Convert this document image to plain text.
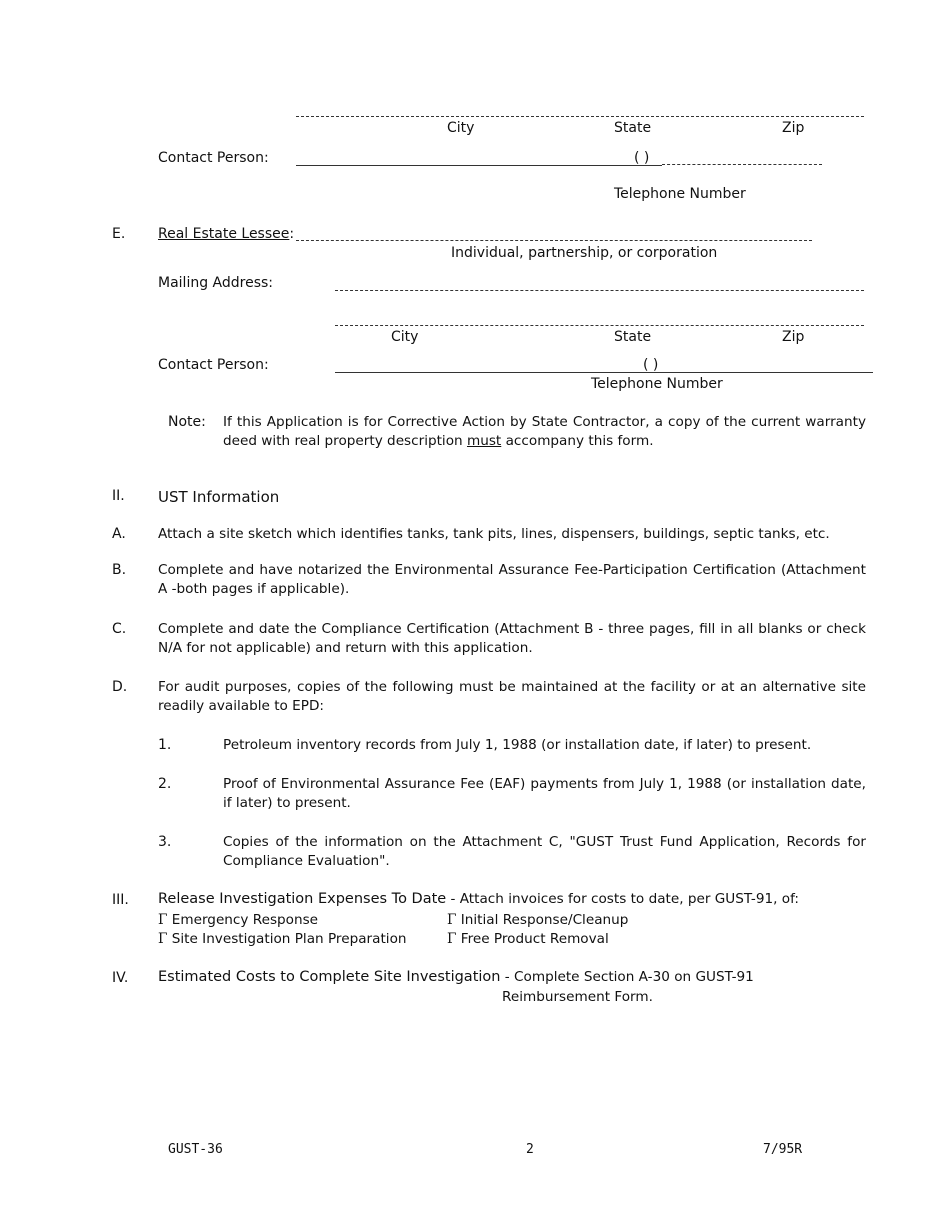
City	State	Zip
Contact Person:	( )
Telephone Number
E. Real Estate Lessee:
Individual, partnership, or corporation
Mailing Address:
City	State	Zip
Contact Person:	( )
Telephone Number
Note: If this Application is for Corrective Action by State Contractor, a copy of the current warranty deed with real property description must accompany this form.
II. UST Information
A. Attach a site sketch which identifies tanks, tank pits, lines, dispensers, buildings, septic tanks, etc.
B. Complete and have notarized the Environmental Assurance Fee-Participation Certification (Attachment A -both pages if applicable).
C. Complete and date the Compliance Certification (Attachment B - three pages, fill in all blanks or check N/A for not applicable) and return with this application.
D. For audit purposes, copies of the following must be maintained at the facility or at an alternative site readily available to EPD:
1.	Petroleum inventory records from July 1, 1988 (or installation date, if later) to present.
2.	Proof of Environmental Assurance Fee (EAF) payments from July 1, 1988 (or installation date, if later) to present.
3.	Copies of the information on the Attachment C, "GUST Trust Fund Application, Records for Compliance Evaluation".
III. Release Investigation Expenses To Date - Attach invoices for costs to date, per GUST-91, of:
Γ Emergency Response	Γ Initial Response/Cleanup
Γ Site Investigation Plan Preparation	Γ Free Product Removal
IV. Estimated Costs to Complete Site Investigation - Complete Section A-30 on GUST-91
Reimbursement Form.
GUST-36	2	7/95R
